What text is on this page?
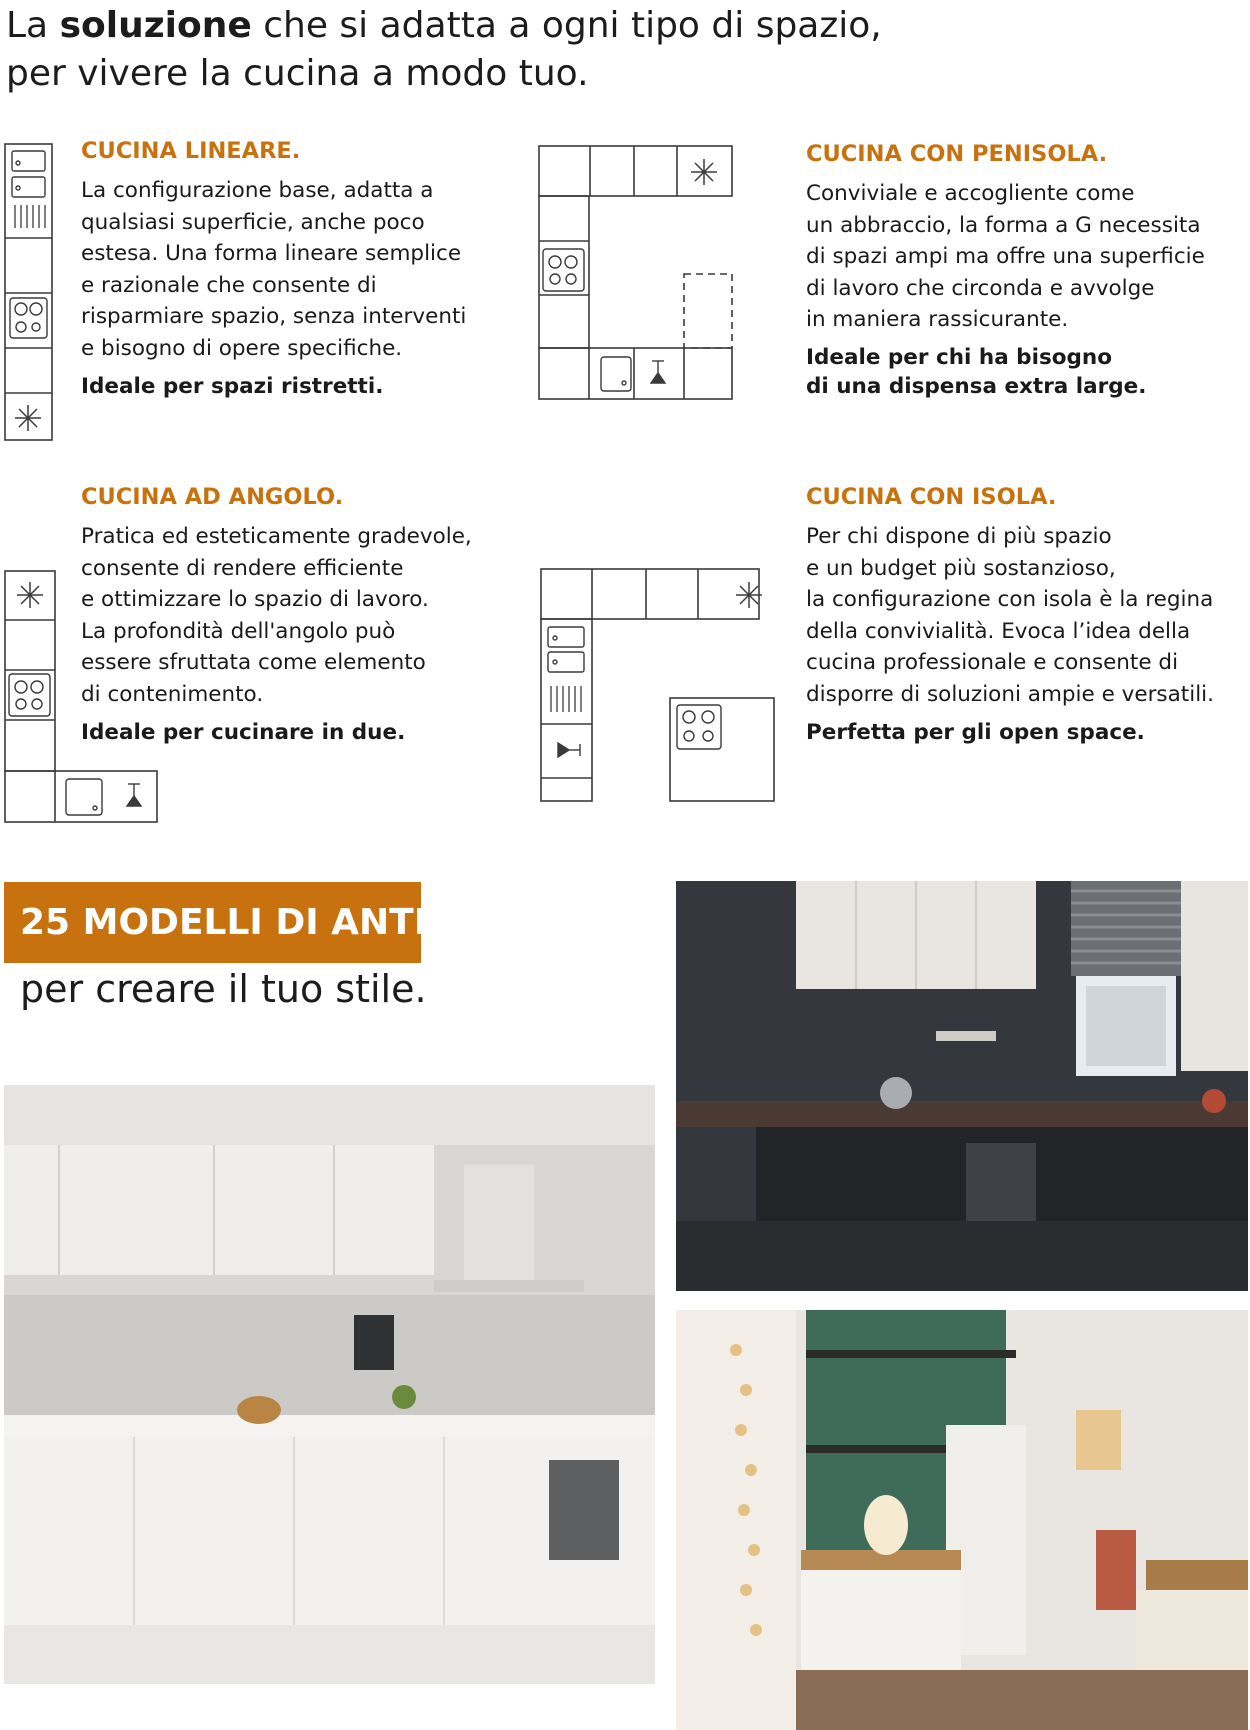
La soluzione che si adatta a ogni tipo di spazio,
per vivere la cucina a modo tuo.
CUCINA LINEARE.
La configurazione base, adatta a
qualsiasi superficie, anche poco
estesa. Una forma lineare semplice
e razionale che consente di
risparmiare spazio, senza interventi
e bisogno di opere specifiche.
Ideale per spazi ristretti.
CUCINA CON PENISOLA.
Conviviale e accogliente come
un abbraccio, la forma a G necessita
di spazi ampi ma offre una superficie
di lavoro che circonda e avvolge
in maniera rassicurante.
Ideale per chi ha bisogno
di una dispensa extra large.
CUCINA AD ANGOLO.
Pratica ed esteticamente gradevole,
consente di rendere efficiente
e ottimizzare lo spazio di lavoro.
La profondità dell'angolo può
essere sfruttata come elemento
di contenimento.
Ideale per cucinare in due.
CUCINA CON ISOLA.
Per chi dispone di più spazio
e un budget più sostanzioso,
la configurazione con isola è la regina
della convivialità. Evoca l’idea della
cucina professionale e consente di
disporre di soluzioni ampie e versatili.
Perfetta per gli open space.
25 MODELLI DI ANTE
per creare il tuo stile.
